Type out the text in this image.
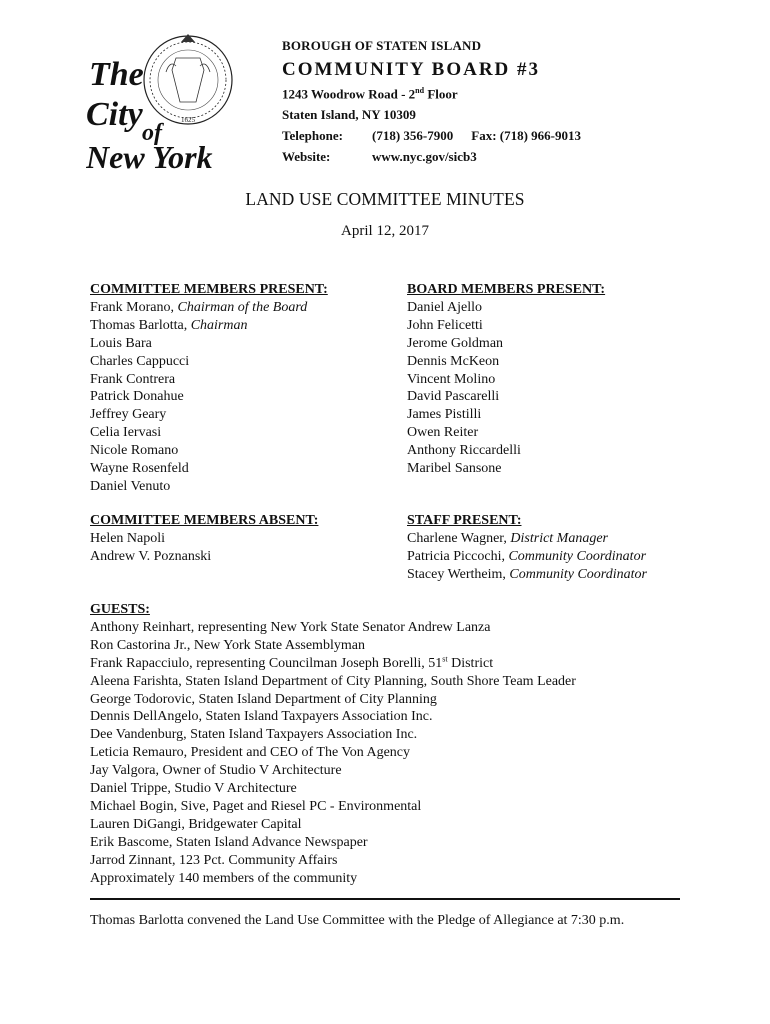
1625
The
City of
New York
BOROUGH OF STATEN ISLAND
COMMUNITY BOARD #3
1243 Woodrow Road - 2nd Floor
Staten Island, NY 10309
Telephone: (718) 356-7900 Fax: (718) 966-9013
Website:	www.nyc.gov/sicb3
LAND USE COMMITTEE MINUTES
April 12, 2017
COMMITTEE MEMBERS PRESENT:
Frank Morano, Chairman of the Board
Thomas Barlotta, Chairman
Louis Bara
Charles Cappucci
Frank Contrera
Patrick Donahue
Jeffrey Geary
Celia Iervasi
Nicole Romano
Wayne Rosenfeld
Daniel Venuto
BOARD MEMBERS PRESENT:
Daniel Ajello
John Felicetti
Jerome Goldman
Dennis McKeon
Vincent Molino
David Pascarelli
James Pistilli
Owen Reiter
Anthony Riccardelli
Maribel Sansone
COMMITTEE MEMBERS ABSENT:
Helen Napoli
Andrew V. Poznanski
STAFF PRESENT:
Charlene Wagner, District Manager
Patricia Piccochi, Community Coordinator
Stacey Wertheim, Community Coordinator
GUESTS:
Anthony Reinhart, representing New York State Senator Andrew Lanza
Ron Castorina Jr., New York State Assemblyman
Frank Rapacciulo, representing Councilman Joseph Borelli, 51st District
Aleena Farishta, Staten Island Department of City Planning, South Shore Team Leader
George Todorovic, Staten Island Department of City Planning
Dennis DellAngelo, Staten Island Taxpayers Association Inc.
Dee Vandenburg, Staten Island Taxpayers Association Inc.
Leticia Remauro, President and CEO of The Von Agency
Jay Valgora, Owner of Studio V Architecture
Daniel Trippe, Studio V Architecture
Michael Bogin, Sive, Paget and Riesel PC - Environmental
Lauren DiGangi, Bridgewater Capital
Erik Bascome, Staten Island Advance Newspaper
Jarrod Zinnant, 123 Pct. Community Affairs
Approximately 140 members of the community
Thomas Barlotta convened the Land Use Committee with the Pledge of Allegiance at 7:30 p.m.
